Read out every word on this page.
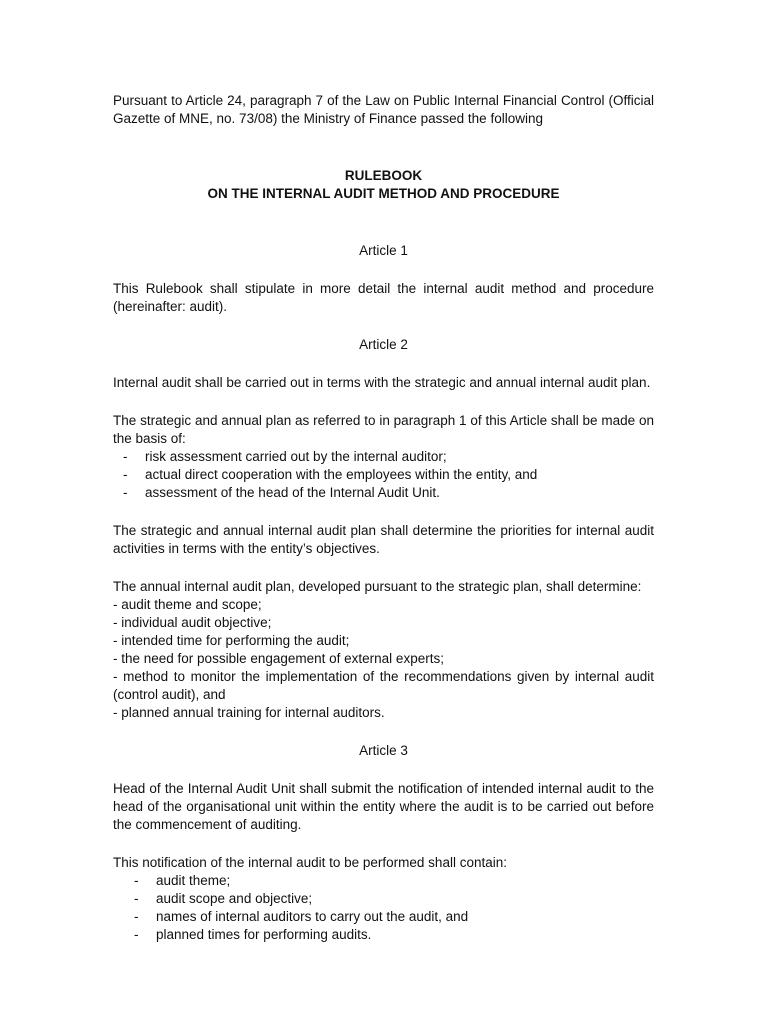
Pursuant to Article 24, paragraph 7 of the Law on Public Internal Financial Control (Official Gazette of MNE, no. 73/08) the Ministry of Finance passed the following

RULEBOOK
ON THE INTERNAL AUDIT METHOD AND PROCEDURE
Article 1

This Rulebook shall stipulate in more detail the internal audit method and procedure (hereinafter: audit).

Article 2

Internal audit shall be carried out in terms with the strategic and annual internal audit plan.

The strategic and annual plan as referred to in paragraph 1 of this Article shall be made on the basis of:

- risk assessment carried out by the internal auditor;
- actual direct cooperation with the employees within the entity, and
- assessment of the head of the Internal Audit Unit.

The strategic and annual internal audit plan shall determine the priorities for internal audit activities in terms with the entity’s objectives.

The annual internal audit plan, developed pursuant to the strategic plan, shall determine:

- audit theme and scope;
- individual audit objective;
- intended time for performing the audit;
- the need for possible engagement of external experts;
- method to monitor the implementation of the recommendations given by internal audit (control audit), and
- planned annual training for internal auditors.
Article 3

Head of the Internal Audit Unit shall submit the notification of intended internal audit to the head of the organisational unit within the entity where the audit is to be carried out before the commencement of auditing.

This notification of the internal audit to be performed shall contain:

- audit theme;
- audit scope and objective;
- names of internal auditors to carry out the audit, and
- planned times for performing audits.
